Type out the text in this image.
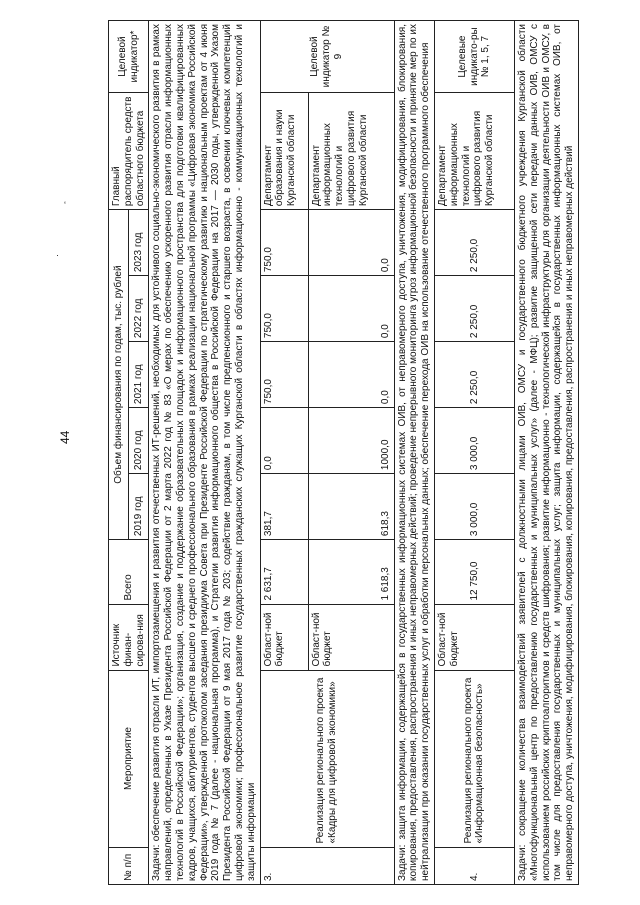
44
‘
·
№ п/п	Мероприятие	Источник финан-сирова-ния	Всего	Объем финансирования по годам, тыс. рублей					Главный распорядитель средств областного бюджета	Целевой индикатор*
				2019 год	2020 год	2021 год	2022 год	2023 год		
Задачи: обеспечение развития отрасли ИТ, импортозамещения и развития отечественных ИТ-решений, необходимых для устойчивого социально-экономического развития в рамках направлений, определенных в Указе Президента Российской Федерации от 2 марта 2022 год № 83 «О мерах по обеспечению ускоренного развития отрасли информационных технологий в Российской Федерации»; организация, создание и поддержание образовательных площадок и информационного пространства для подготовки квалифицированных кадров, учащихся, абитуриентов, студентов высшего и среднего профессионального образования в рамках реализации национальной программы «Цифровая экономика Российской Федерации», утвержденной протоколом заседания президиума Совета при Президенте Российской Федерации по стратегическому развитию и национальным проектам от 4 июня 2019 года № 7 (далее - национальная программа), и Стратегии развития информационного общества в Российской Федерации на 2017 — 2030 годы, утвержденной Указом Президента Российской Федерации от 9 мая 2017 года № 203; содействие гражданам, в том числе предпенсионного и старшего возраста, в освоении ключевых компетенций цифровой экономики; профессиональное развитие государственных гражданских служащих Курганской области в областях информационно - коммуникационных технологий и защиты информации										
3.	Реализация регионального проекта «Кадры для цифровой экономики»	Област-ной бюджет	2 631,7	381,7	0,0	750,0	750,0	750,0	Департамент образования и науки Курганской области	Целевой индикатор № 9
		Област-ной бюджет	1 618,3	618,3	1000,0	0,0	0,0	0,0	Департамент информационных технологий и цифрового развития Курганской области	
Задачи: защита информации, содержащейся в государственных информационных системах ОИВ, от неправомерного доступа, уничтожения, модифицирования, блокирования, копирования, предоставления, распространения и иных неправомерных действий; проведение непрерывного мониторинга угроз информационной безопасности и принятие мер по их нейтрализации при оказании государственных услуг и обработки персональных данных; обеспечение перехода ОИВ на использование отечественного программного обеспечения										
4.	Реализация регионального проекта «Информационная безопасность»	Област-ной бюджет	12 750,0	3 000,0	3 000,0	2 250,0	2 250,0	2 250,0	Департамент информационных технологий и цифрового развития Курганской области	Целевые индикато-ры № 1, 5, 7
Задачи: сокращение количества взаимодействий заявителей с должностными лицами ОИВ, ОМСУ и государственного бюджетного учреждения Курганской области «Многофункциональный центр по предоставлению государственных и муниципальных услуг» (далее - МФЦ); развитие защищенной сети передачи данных ОИВ, ОМСУ с использованием российских криптоалгоритмов и средств шифрования; развитие информационно - технологической инфраструктуры для организации деятельности ОИВ и ОМСУ, в том числе для предоставления государственных и муниципальных услуг; защита информации, содержащейся в государственных информационных системах ОИВ, от неправомерного доступа, уничтожения, модифицирования, блокирования, копирования, предоставления, распространения и иных неправомерных действий										
